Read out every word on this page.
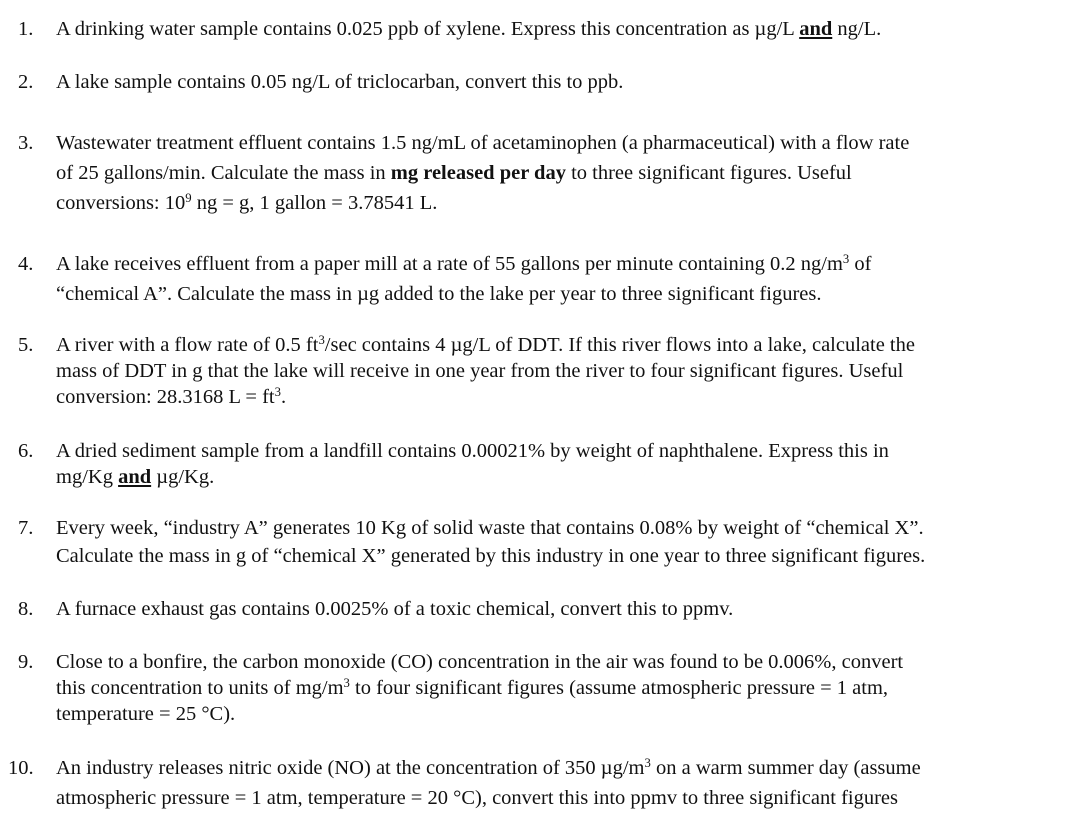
1. A drinking water sample contains 0.025 ppb of xylene. Express this concentration as µg/L and ng/L.
2. A lake sample contains 0.05 ng/L of triclocarban, convert this to ppb.
3. Wastewater treatment effluent contains 1.5 ng/mL of acetaminophen (a pharmaceutical) with a flow rate
of 25 gallons/min. Calculate the mass in mg released per day to three significant figures. Useful
conversions: $10^9$ ng = g, 1 gallon = 3.78541 L.
4. A lake receives effluent from a paper mill at a rate of 55 gallons per minute containing 0.2 $ng/m^3$ of
“chemical A”. Calculate the mass in µg added to the lake per year to three significant figures.
5. A river with a flow rate of 0.5 $ft^3/\sec$ contains 4 µg/L of DDT. If this river flows into a lake, calculate the
mass of DDT in g that the lake will receive in one year from the river to four significant figures. Useful
conversion: 28.3168 $L = ft^3$.
6. A dried sediment sample from a landfill contains 0.00021% by weight of naphthalene. Express this in
mg/Kg and µg/Kg.
7. Every week, “industry A” generates 10 Kg of solid waste that contains 0.08% by weight of “chemical X”.
Calculate the mass in g of “chemical X” generated by this industry in one year to three significant figures.
8. A furnace exhaust gas contains 0.0025% of a toxic chemical, convert this to ppmv.
9. Close to a bonfire, the carbon monoxide (CO) concentration in the air was found to be 0.006%, convert
this concentration to units of $mg/m^3$ to four significant figures (assume atmospheric pressure = 1 atm,
temperature = 25 °C).
10. An industry releases nitric oxide (NO) at the concentration of 350 $\mu g/m^3$ on a warm summer day (assume
atmospheric pressure = 1 atm, temperature = 20 °C), convert this into ppmv to three significant figures
